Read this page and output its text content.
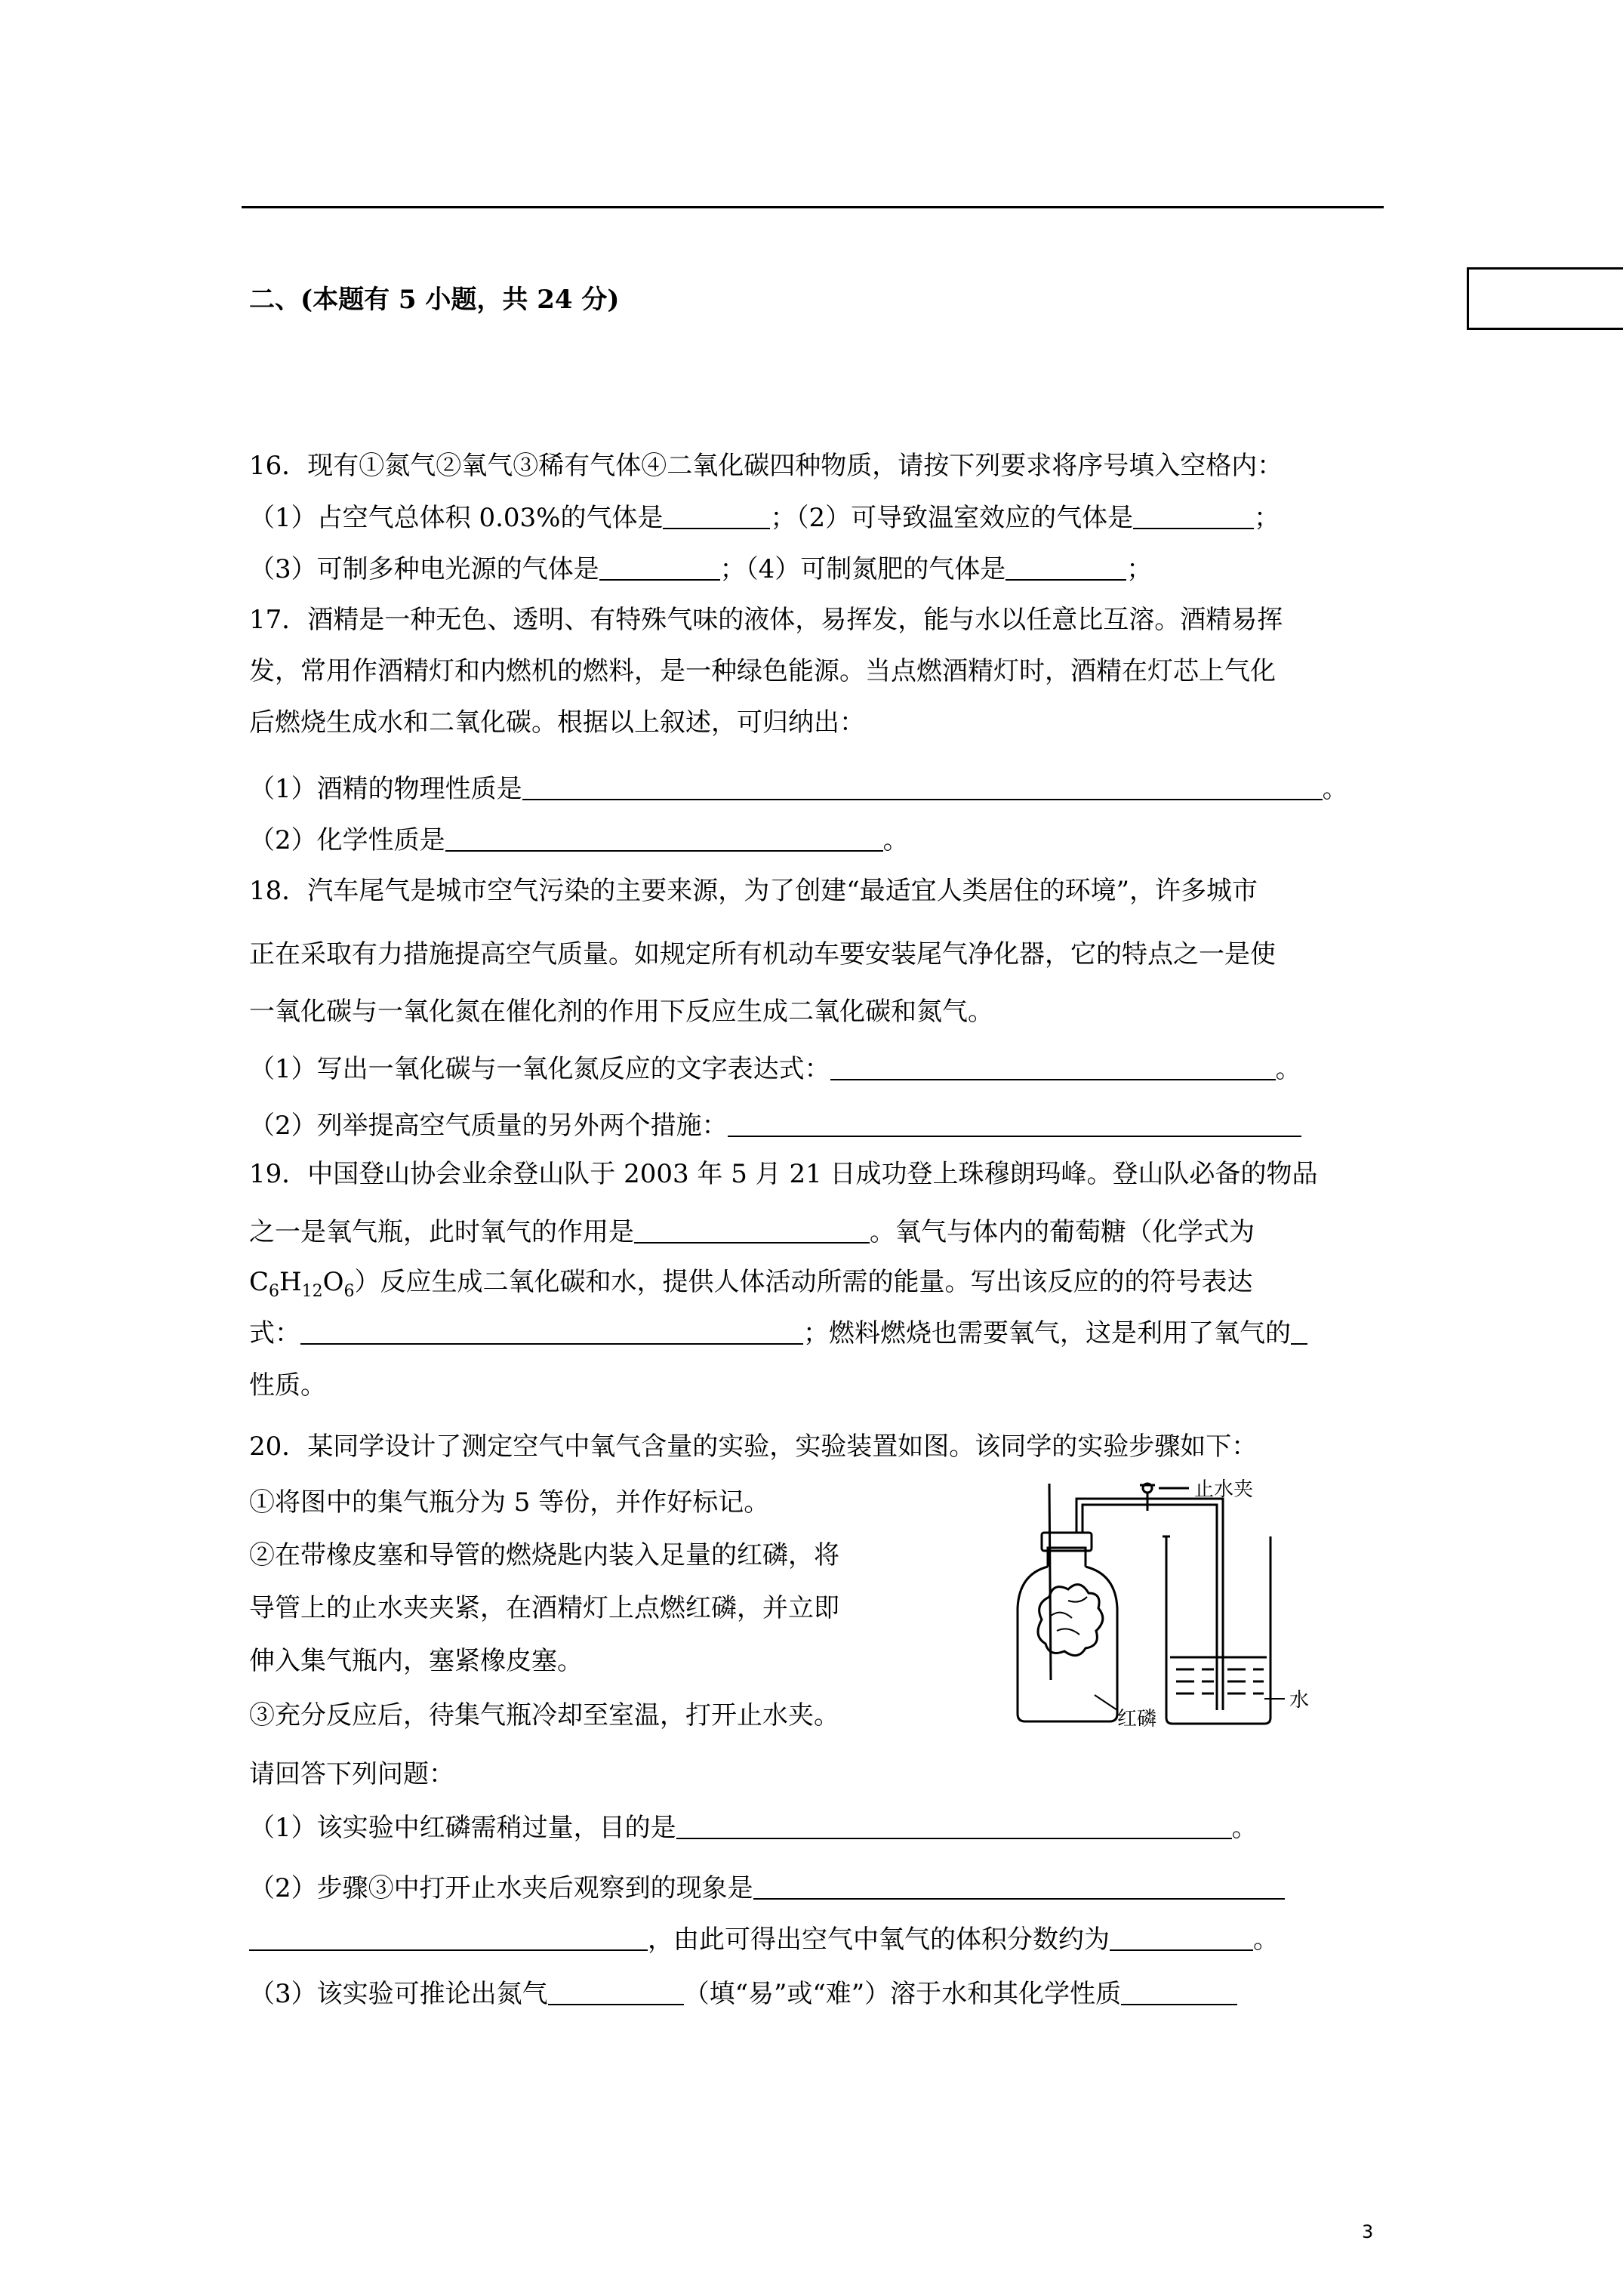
二、(本题有 5 小题，共 24 分)
16．现有①氮气②氧气③稀有气体④二氧化碳四种物质，请按下列要求将序号填入空格内：
（1）占空气总体积 0.03%的气体是	；（2）可导致温室效应的气体是	；
（3）可制多种电光源的气体是	；（4）可制氮肥的气体是	；
17．酒精是一种无色、透明、有特殊气味的液体，易挥发，能与水以任意比互溶。酒精易挥
发，常用作酒精灯和内燃机的燃料，是一种绿色能源。当点燃酒精灯时，酒精在灯芯上气化
后燃烧生成水和二氧化碳。根据以上叙述，可归纳出：
（1）酒精的物理性质是	。
（2）化学性质是	。
18．汽车尾气是城市空气污染的主要来源，为了创建“最适宜人类居住的环境”，许多城市
正在采取有力措施提高空气质量。如规定所有机动车要安装尾气净化器，它的特点之一是使
一氧化碳与一氧化氮在催化剂的作用下反应生成二氧化碳和氮气。
（1）写出一氧化碳与一氧化氮反应的文字表达式：	。
（2）列举提高空气质量的另外两个措施：
19．中国登山协会业余登山队于 2003 年 5 月 21 日成功登上珠穆朗玛峰。登山队必备的物品
之一是氧气瓶，此时氧气的作用是	。氧气与体内的葡萄糖（化学式为
$C_6H_{12}O_6$）反应生成二氧化碳和水，提供人体活动所需的能量。写出该反应的的符号表达
式：	；燃料燃烧也需要氧气，这是利用了氧气的
性质。
20．某同学设计了测定空气中氧气含量的实验，实验装置如图。该同学的实验步骤如下：
①将图中的集气瓶分为 5 等份，并作好标记。
②在带橡皮塞和导管的燃烧匙内装入足量的红磷，将
导管上的止水夹夹紧，在酒精灯上点燃红磷，并立即
伸入集气瓶内，塞紧橡皮塞。
③充分反应后，待集气瓶冷却至室温，打开止水夹。
请回答下列问题：
（1）该实验中红磷需稍过量，目的是	。
（2）步骤③中打开止水夹后观察到的现象是
，由此可得出空气中氧气的体积分数约为	。
（3）该实验可推论出氮气	（填“易”或“难”）溶于水和其化学性质
止水夹
红磷
水
3
